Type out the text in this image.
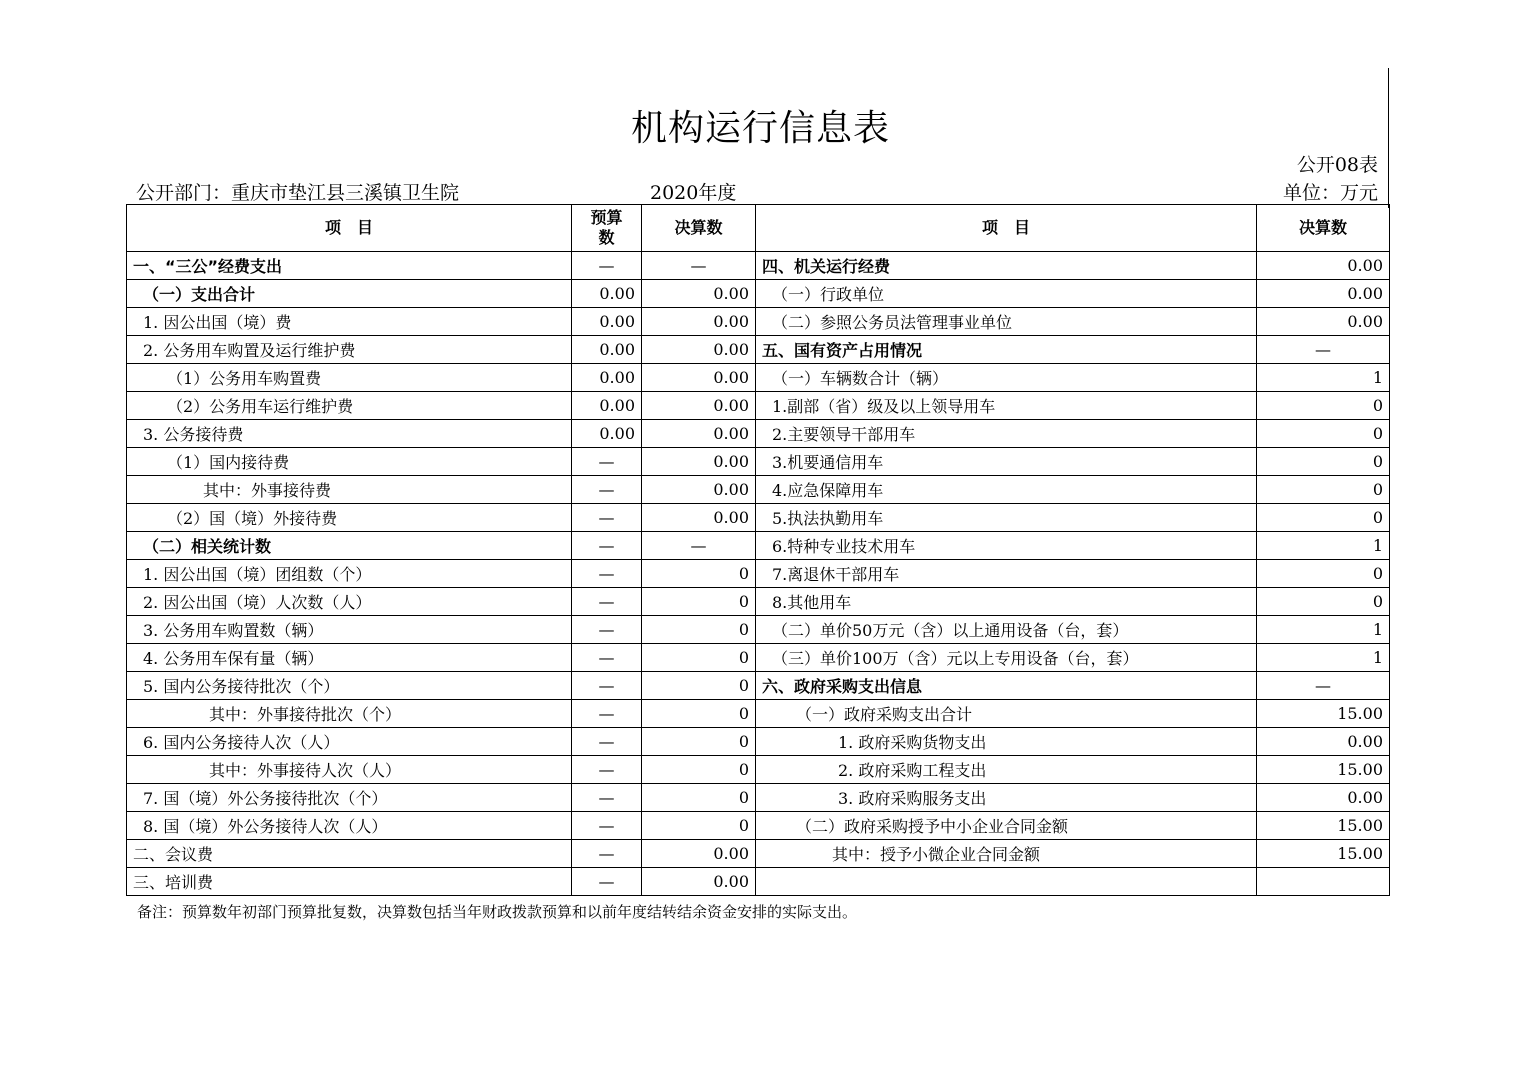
机构运行信息表
公开08表
公开部门：重庆市垫江县三溪镇卫生院	2020年度	单位：万元
项　目	预算数	决算数	项　目	决算数
一、“三公”经费支出	—	—	四、机关运行经费	0.00
（一）支出合计	0.00	0.00	（一）行政单位	0.00
1. 因公出国（境）费	0.00	0.00	（二）参照公务员法管理事业单位	0.00
2. 公务用车购置及运行维护费	0.00	0.00	五、国有资产占用情况	—
（1）公务用车购置费	0.00	0.00	（一）车辆数合计（辆）	1
（2）公务用车运行维护费	0.00	0.00	1.副部（省）级及以上领导用车	0
3. 公务接待费	0.00	0.00	2.主要领导干部用车	0
（1）国内接待费	—	0.00	3.机要通信用车	0
其中：外事接待费	—	0.00	4.应急保障用车	0
（2）国（境）外接待费	—	0.00	5.执法执勤用车	0
（二）相关统计数	—	—	6.特种专业技术用车	1
1. 因公出国（境）团组数（个）	—	0	7.离退休干部用车	0
2. 因公出国（境）人次数（人）	—	0	8.其他用车	0
3. 公务用车购置数（辆）	—	0	（二）单价50万元（含）以上通用设备（台，套）	1
4. 公务用车保有量（辆）	—	0	（三）单价100万（含）元以上专用设备（台，套）	1
5. 国内公务接待批次（个）	—	0	六、政府采购支出信息	—
其中：外事接待批次（个）	—	0	（一）政府采购支出合计	15.00
6. 国内公务接待人次（人）	—	0	1. 政府采购货物支出	0.00
其中：外事接待人次（人）	—	0	2. 政府采购工程支出	15.00
7. 国（境）外公务接待批次（个）	—	0	3. 政府采购服务支出	0.00
8. 国（境）外公务接待人次（人）	—	0	（二）政府采购授予中小企业合同金额	15.00
二、会议费	—	0.00	其中：授予小微企业合同金额	15.00
三、培训费	—	0.00		
备注：预算数年初部门预算批复数，决算数包括当年财政拨款预算和以前年度结转结余资金安排的实际支出。
